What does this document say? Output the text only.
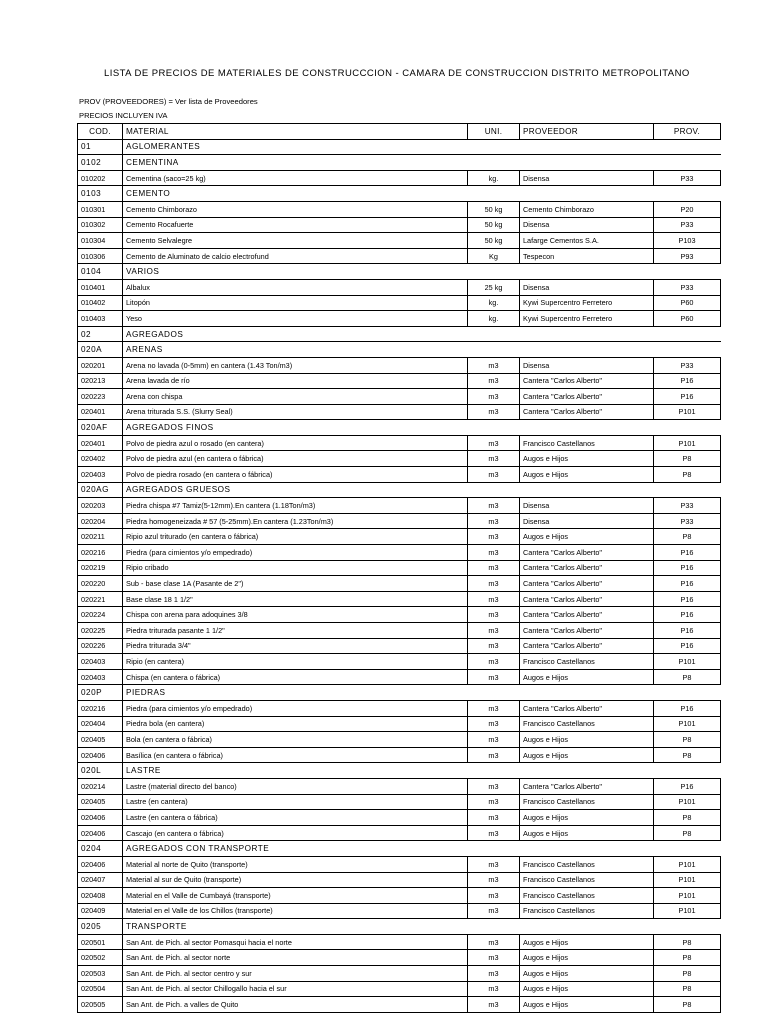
LISTA DE PRECIOS DE MATERIALES DE CONSTRUCCCION - CAMARA DE CONSTRUCCION DISTRITO METROPOLITANO
PROV (PROVEEDORES) = Ver lista de Proveedores
PRECIOS INCLUYEN IVA
COD.	MATERIAL	UNI.	PROVEEDOR	PROV.
01	AGLOMERANTES			
0102	CEMENTINA			
010202	Cementina (saco=25 kg)	kg.	Disensa	P33
0103	CEMENTO			
010301	Cemento Chimborazo	50 kg	Cemento Chimborazo	P20
010302	Cemento Rocafuerte	50 kg	Disensa	P33
010304	Cemento Selvalegre	50 kg	Lafarge Cementos S.A.	P103
010306	Cemento de Aluminato de calcio electrofund	Kg	Tespecon	P93
0104	VARIOS			
010401	Albalux	25 kg	Disensa	P33
010402	Litopón	kg.	Kywi Supercentro Ferretero	P60
010403	Yeso	kg.	Kywi Supercentro Ferretero	P60
02	AGREGADOS			
020A	ARENAS			
020201	Arena no lavada (0-5mm) en cantera (1.43 Ton/m3)	m3	Disensa	P33
020213	Arena lavada de río	m3	Cantera "Carlos Alberto"	P16
020223	Arena con chispa	m3	Cantera "Carlos Alberto"	P16
020401	Arena triturada S.S. (Slurry Seal)	m3	Cantera "Carlos Alberto"	P101
020AF	AGREGADOS FINOS			
020401	Polvo de piedra azul o rosado (en cantera)	m3	Francisco Castellanos	P101
020402	Polvo de piedra azul (en cantera o fábrica)	m3	Augos e Hijos	P8
020403	Polvo de piedra rosado (en cantera o fábrica)	m3	Augos e Hijos	P8
020AG	AGREGADOS GRUESOS			
020203	Piedra chispa #7 Tamiz(5-12mm).En cantera (1.18Ton/m3)	m3	Disensa	P33
020204	Piedra homogeneizada # 57 (5-25mm).En cantera (1.23Ton/m3)	m3	Disensa	P33
020211	Ripio azul triturado (en cantera o fábrica)	m3	Augos e Hijos	P8
020216	Piedra (para cimientos y/o empedrado)	m3	Cantera "Carlos Alberto"	P16
020219	Ripio cribado	m3	Cantera "Carlos Alberto"	P16
020220	Sub - base clase 1A (Pasante de 2")	m3	Cantera "Carlos Alberto"	P16
020221	Base clase 18 1 1/2"	m3	Cantera "Carlos Alberto"	P16
020224	Chispa con arena para adoquines 3/8	m3	Cantera "Carlos Alberto"	P16
020225	Piedra triturada pasante 1 1/2"	m3	Cantera "Carlos Alberto"	P16
020226	Piedra triturada 3/4"	m3	Cantera "Carlos Alberto"	P16
020403	Ripio (en cantera)	m3	Francisco Castellanos	P101
020403	Chispa (en cantera o fábrica)	m3	Augos e Hijos	P8
020P	PIEDRAS			
020216	Piedra (para cimientos y/o empedrado)	m3	Cantera "Carlos Alberto"	P16
020404	Piedra bola (en cantera)	m3	Francisco Castellanos	P101
020405	Bola (en cantera o fábrica)	m3	Augos e Hijos	P8
020406	Basílica (en cantera o fábrica)	m3	Augos e Hijos	P8
020L	LASTRE			
020214	Lastre (material directo del banco)	m3	Cantera "Carlos Alberto"	P16
020405	Lastre (en cantera)	m3	Francisco Castellanos	P101
020406	Lastre (en cantera o fábrica)	m3	Augos e Hijos	P8
020406	Cascajo (en cantera o fábrica)	m3	Augos e Hijos	P8
0204	AGREGADOS CON TRANSPORTE			
020406	Material al norte de Quito (transporte)	m3	Francisco Castellanos	P101
020407	Material al sur de Quito (transporte)	m3	Francisco Castellanos	P101
020408	Material en el Valle de Cumbayá (transporte)	m3	Francisco Castellanos	P101
020409	Material en el Valle de los Chillos (transporte)	m3	Francisco Castellanos	P101
0205	TRANSPORTE			
020501	San Ant. de Pich. al sector Pomasqui hacia el norte	m3	Augos e Hijos	P8
020502	San Ant. de Pich. al sector norte	m3	Augos e Hijos	P8
020503	San Ant. de Pich. al sector centro y sur	m3	Augos e Hijos	P8
020504	San Ant. de Pich. al sector Chillogallo hacia el sur	m3	Augos e Hijos	P8
020505	San Ant. de Pich. a valles de Quito	m3	Augos e Hijos	P8
